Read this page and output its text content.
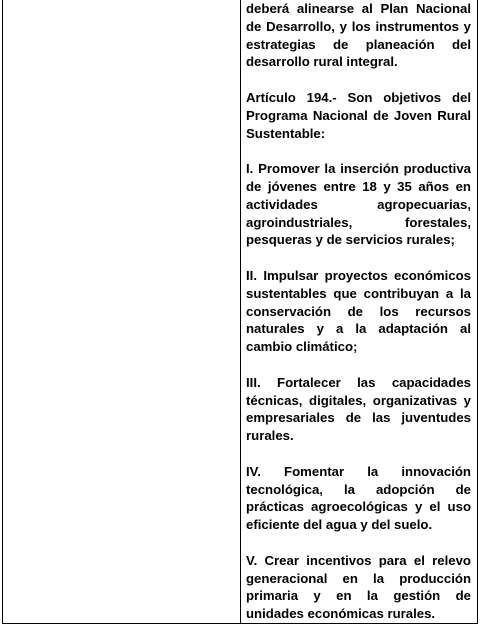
deberá alinearse al Plan Nacional de Desarrollo, y los instrumentos y estrategias de planeación del desarrollo rural integral.

Artículo 194.- Son objetivos del Programa Nacional de Joven Rural Sustentable:

I. Promover la inserción productiva de jóvenes entre 18 y 35 años en actividades agropecuarias, agroindustriales, forestales, pesqueras y de servicios rurales;

II. Impulsar proyectos económicos sustentables que contribuyan a la conservación de los recursos naturales y a la adaptación al cambio climático;

III. Fortalecer las capacidades técnicas, digitales, organizativas y empresariales de las juventudes rurales.

IV. Fomentar la innovación tecnológica, la adopción de prácticas agroecológicas y el uso eficiente del agua y del suelo.

V. Crear incentivos para el relevo generacional en la producción primaria y en la gestión de unidades económicas rurales.
